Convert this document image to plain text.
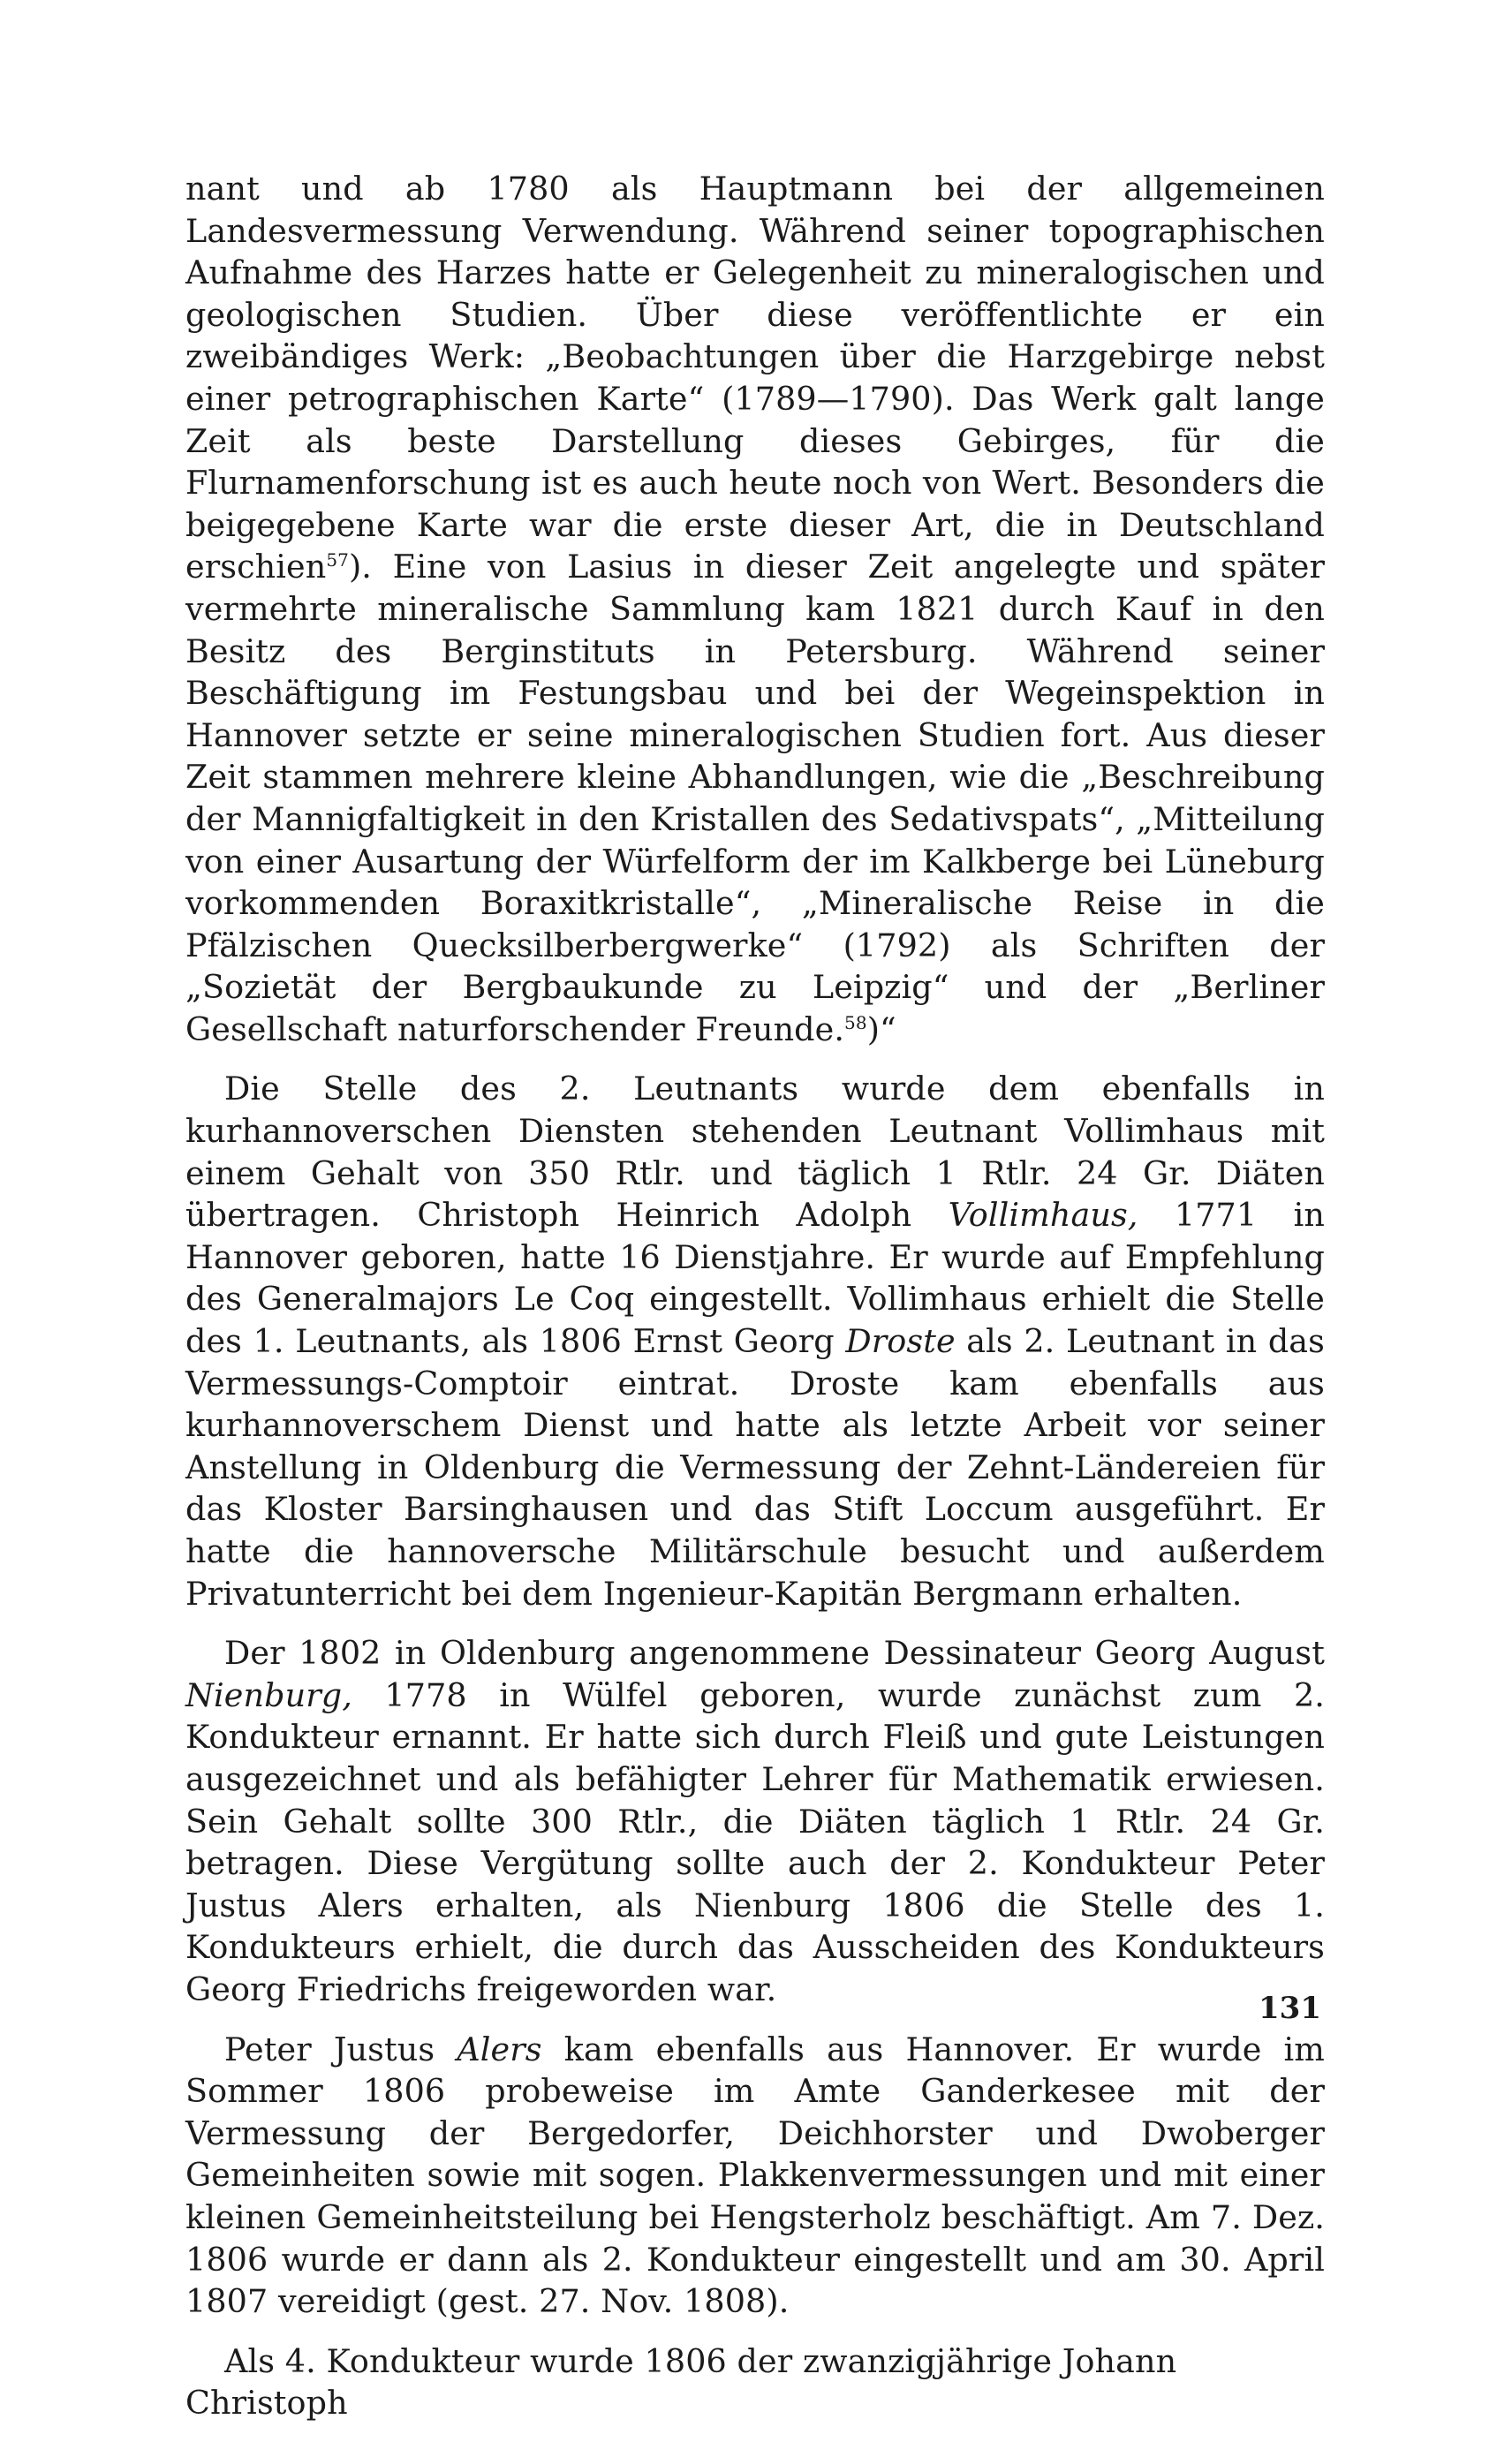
nant und ab 1780 als Hauptmann bei der allgemeinen Landesvermessung Verwendung. Während seiner topographischen Aufnahme des Harzes hatte er Gelegenheit zu mineralogischen und geologischen Studien. Über diese veröffentlichte er ein zweibändiges Werk: „Beobachtungen über die Harzgebirge nebst einer petrographischen Karte“ (1789—1790). Das Werk galt lange Zeit als beste Darstellung dieses Gebirges, für die Flurnamenforschung ist es auch heute noch von Wert. Besonders die beigegebene Karte war die erste dieser Art, die in Deutschland erschien$^{57}$). Eine von Lasius in dieser Zeit angelegte und später vermehrte mineralische Sammlung kam 1821 durch Kauf in den Besitz des Berginstituts in Petersburg. Während seiner Beschäftigung im Festungsbau und bei der Wegeinspektion in Hannover setzte er seine mineralogischen Studien fort. Aus dieser Zeit stammen mehrere kleine Abhandlungen, wie die „Beschreibung der Mannigfaltigkeit in den Kristallen des Sedativspats“, „Mitteilung von einer Ausartung der Würfelform der im Kalkberge bei Lüneburg vorkommenden Boraxitkristalle“, „Mineralische Reise in die Pfälzischen Quecksilberbergwerke“ (1792) als Schriften der „Sozietät der Bergbaukunde zu Leipzig“ und der „Berliner Gesellschaft naturforschender Freunde.$^{58}$)“

Die Stelle des 2. Leutnants wurde dem ebenfalls in kurhannoverschen Diensten stehenden Leutnant Vollimhaus mit einem Gehalt von 350 Rtlr. und täglich 1 Rtlr. 24 Gr. Diäten übertragen. Christoph Heinrich Adolph Vollimhaus, 1771 in Hannover geboren, hatte 16 Dienstjahre. Er wurde auf Empfehlung des Generalmajors Le Coq eingestellt. Vollimhaus erhielt die Stelle des 1. Leutnants, als 1806 Ernst Georg Droste als 2. Leutnant in das Vermessungs-Comptoir eintrat. Droste kam ebenfalls aus kurhannoverschem Dienst und hatte als letzte Arbeit vor seiner Anstellung in Oldenburg die Vermessung der Zehnt-Ländereien für das Kloster Barsinghausen und das Stift Loccum ausgeführt. Er hatte die hannoversche Militärschule besucht und außerdem Privatunterricht bei dem Ingenieur-Kapitän Bergmann erhalten.

Der 1802 in Oldenburg angenommene Dessinateur Georg August Nienburg, 1778 in Wülfel geboren, wurde zunächst zum 2. Kondukteur ernannt. Er hatte sich durch Fleiß und gute Leistungen ausgezeichnet und als befähigter Lehrer für Mathematik erwiesen. Sein Gehalt sollte 300 Rtlr., die Diäten täglich 1 Rtlr. 24 Gr. betragen. Diese Vergütung sollte auch der 2. Kondukteur Peter Justus Alers erhalten, als Nienburg 1806 die Stelle des 1. Kondukteurs erhielt, die durch das Ausscheiden des Kondukteurs Georg Friedrichs freigeworden war.

Peter Justus Alers kam ebenfalls aus Hannover. Er wurde im Sommer 1806 probeweise im Amte Ganderkesee mit der Vermessung der Bergedorfer, Deichhorster und Dwoberger Gemeinheiten sowie mit sogen. Plakkenvermessungen und mit einer kleinen Gemeinheitsteilung bei Hengsterholz beschäftigt. Am 7. Dez. 1806 wurde er dann als 2. Kondukteur eingestellt und am 30. April 1807 vereidigt (gest. 27. Nov. 1808).

Als 4. Kondukteur wurde 1806 der zwanzigjährige Johann Christoph

131
